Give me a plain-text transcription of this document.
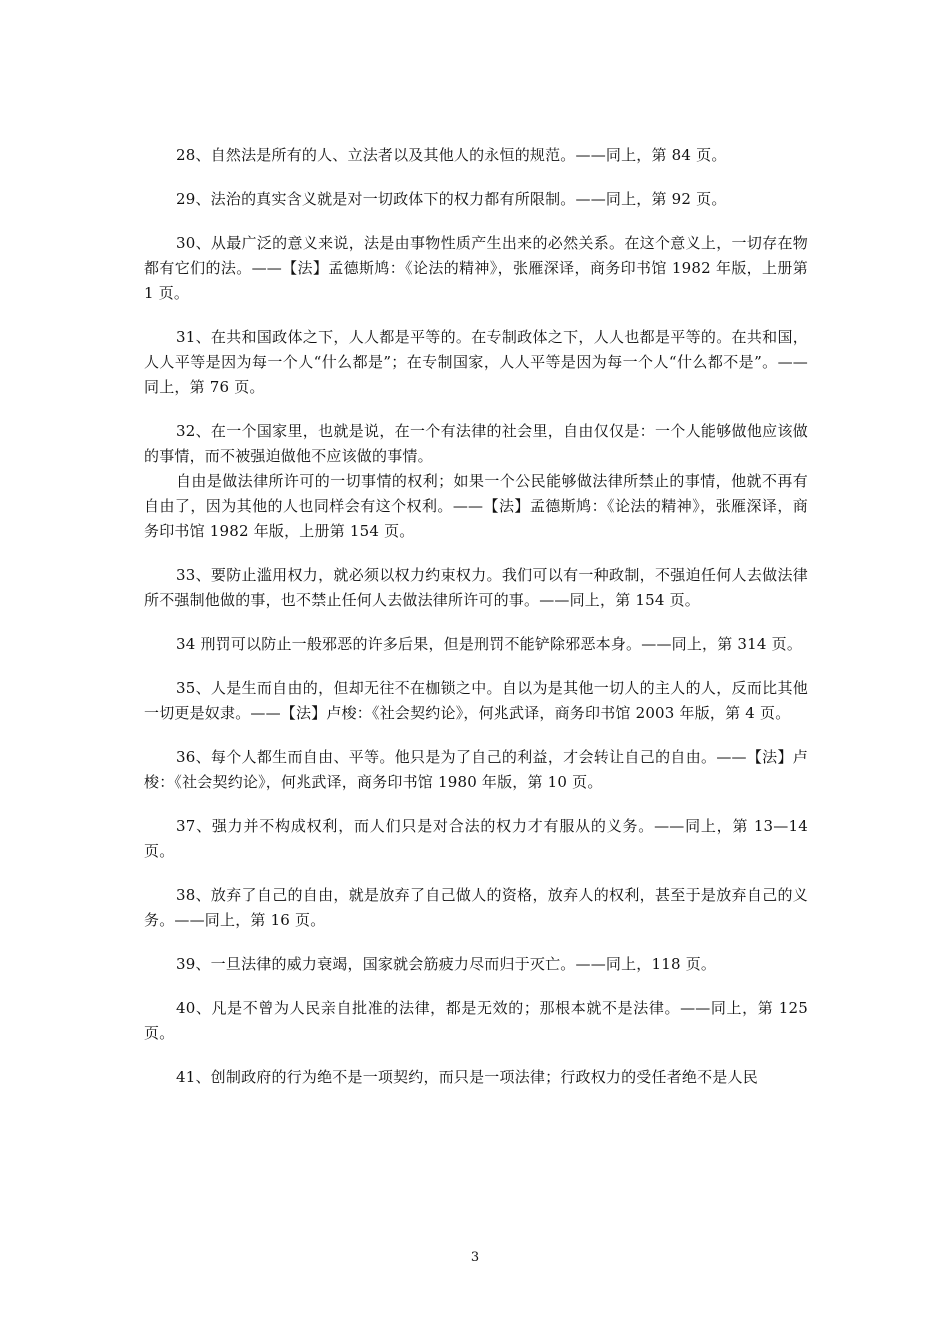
28、自然法是所有的人、立法者以及其他人的永恒的规范。——同上，第 84 页。
29、法治的真实含义就是对一切政体下的权力都有所限制。——同上，第 92 页。
30、从最广泛的意义来说，法是由事物性质产生出来的必然关系。在这个意义上，一切存在物都有它们的法。——【法】孟德斯鸠：《论法的精神》，张雁深译，商务印书馆 1982 年版，上册第 1 页。
31、在共和国政体之下，人人都是平等的。在专制政体之下，人人也都是平等的。在共和国，人人平等是因为每一个人“什么都是”；在专制国家，人人平等是因为每一个人“什么都不是”。——同上，第 76 页。

32、在一个国家里，也就是说，在一个有法律的社会里，自由仅仅是：一个人能够做他应该做的事情，而不被强迫做他不应该做的事情。

自由是做法律所许可的一切事情的权利；如果一个公民能够做法律所禁止的事情，他就不再有自由了，因为其他的人也同样会有这个权利。——【法】孟德斯鸠：《论法的精神》，张雁深译，商务印书馆 1982 年版，上册第 154 页。

33、要防止滥用权力，就必须以权力约束权力。我们可以有一种政制，不强迫任何人去做法律所不强制他做的事，也不禁止任何人去做法律所许可的事。——同上，第 154 页。
34 刑罚可以防止一般邪恶的许多后果，但是刑罚不能铲除邪恶本身。——同上，第 314 页。
35、人是生而自由的，但却无往不在枷锁之中。自以为是其他一切人的主人的人，反而比其他一切更是奴隶。——【法】卢梭：《社会契约论》，何兆武译，商务印书馆 2003 年版，第 4 页。
36、每个人都生而自由、平等。他只是为了自己的利益，才会转让自己的自由。——【法】卢梭：《社会契约论》，何兆武译，商务印书馆 1980 年版，第 10 页。
37、强力并不构成权利，而人们只是对合法的权力才有服从的义务。——同上，第 13—14 页。
38、放弃了自己的自由，就是放弃了自己做人的资格，放弃人的权利，甚至于是放弃自己的义务。——同上，第 16 页。
39、一旦法律的威力衰竭，国家就会筋疲力尽而归于灭亡。——同上，118 页。
40、凡是不曾为人民亲自批准的法律，都是无效的；那根本就不是法律。——同上，第 125 页。
41、创制政府的行为绝不是一项契约，而只是一项法律；行政权力的受任者绝不是人民
3
